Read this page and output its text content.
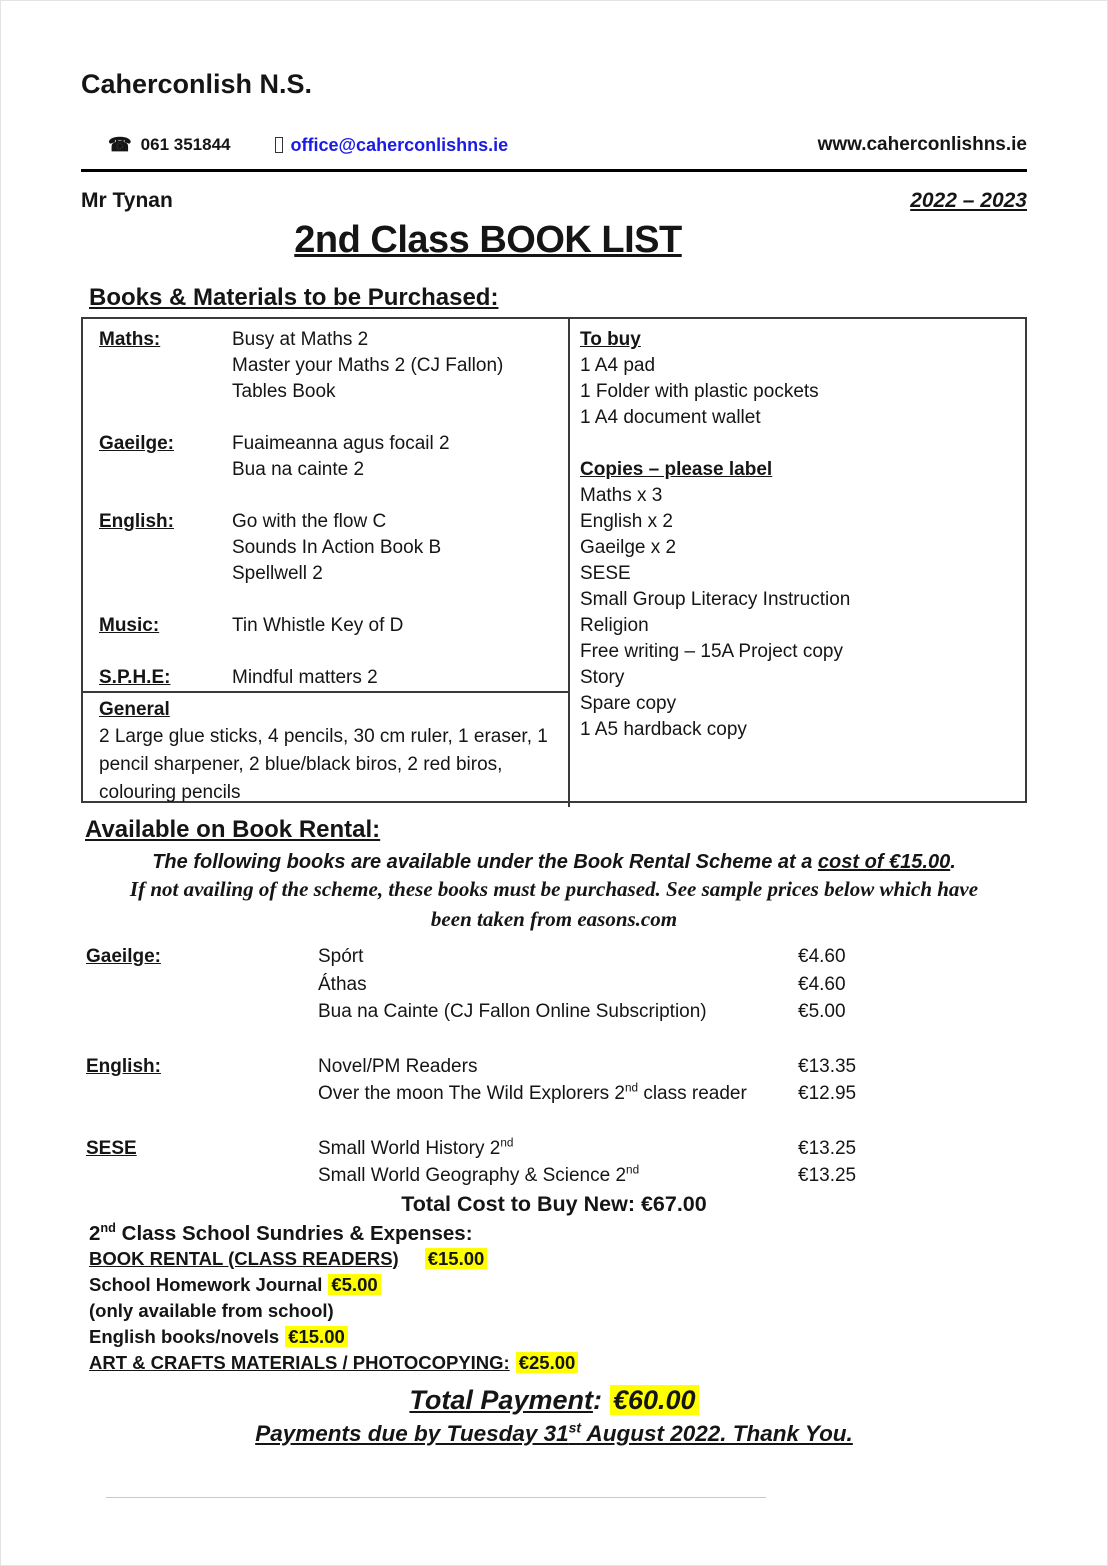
Caherconlish N.S.
☎ 061 351844	office@caherconlishns.ie	www.caherconlishns.ie
Mr Tynan	2022 – 2023
2nd Class BOOK LIST
Books & Materials to be Purchased:
Maths:	Busy at Maths 2
Master your Maths 2 (CJ Fallon)
Tables Book
Gaeilge:	Fuaimeanna agus focail 2
Bua na cainte 2
English:	Go with the flow C
Sounds In Action Book B
Spellwell 2
Music:	Tin Whistle Key of D
S.P.H.E:	Mindful matters 2
General
2 Large glue sticks, 4 pencils, 30 cm ruler, 1 eraser, 1 pencil sharpener, 2 blue/black biros, 2 red biros, colouring pencils
To buy
1 A4 pad
1 Folder with plastic pockets
1 A4 document wallet
Copies – please label
Maths x 3
English x 2
Gaeilge x 2
SESE
Small Group Literacy Instruction
Religion
Free writing – 15A Project copy
Story
Spare copy
1 A5 hardback copy
Available on Book Rental:
The following books are available under the Book Rental Scheme at a cost of €15.00.
If not availing of the scheme, these books must be purchased. See sample prices below which have
been taken from easons.com
Gaeilge:	Spórt	€4.60
Áthas	€4.60
Bua na Cainte (CJ Fallon Online Subscription)	€5.00
English:	Novel/PM Readers	€13.35
Over the moon The Wild Explorers 2nd class reader	€12.95
SESE	Small World History 2nd	€13.25
Small World Geography & Science 2nd	€13.25
Total Cost to Buy New: €67.00
2nd Class School Sundries & Expenses:
BOOK RENTAL (CLASS READERS) €15.00
School Homework Journal €5.00
(only available from school)
English books/novels €15.00
ART & CRAFTS MATERIALS / PHOTOCOPYING: €25.00
Total Payment: €60.00
Payments due by Tuesday 31st August 2022. Thank You.
